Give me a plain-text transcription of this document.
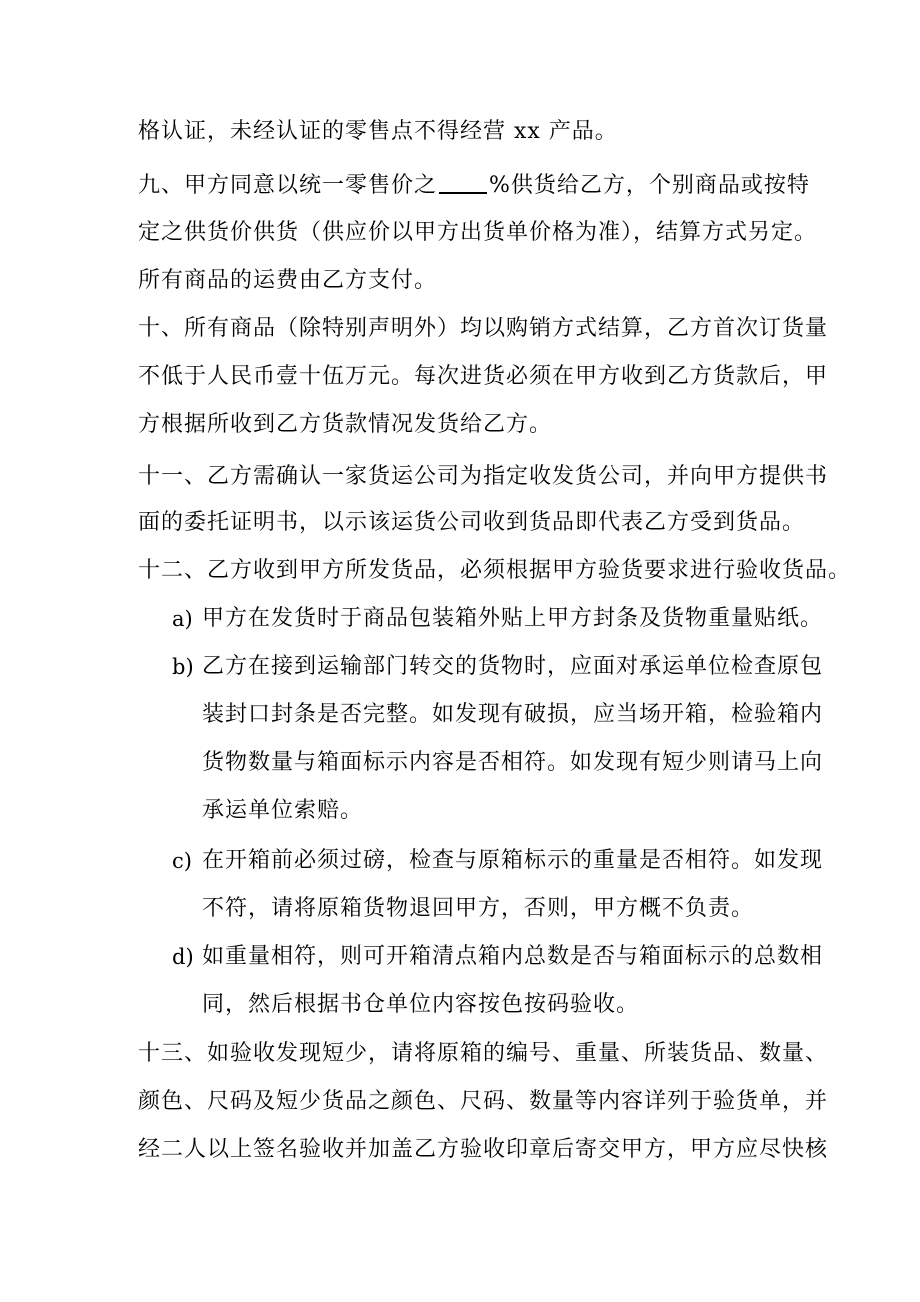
格认证，未经认证的零售点不得经营 xx 产品。
九、甲方同意以统一零售价之 %供货给乙方，个别商品或按特
定之供货价供货（供应价以甲方出货单价格为准），结算方式另定。
所有商品的运费由乙方支付。
十、所有商品（除特别声明外）均以购销方式结算，乙方首次订货量
不低于人民币壹十伍万元。每次进货必须在甲方收到乙方货款后，甲
方根据所收到乙方货款情况发货给乙方。
十一、乙方需确认一家货运公司为指定收发货公司，并向甲方提供书
面的委托证明书，以示该运货公司收到货品即代表乙方受到货品。
十二、乙方收到甲方所发货品，必须根据甲方验货要求进行验收货品。
a) 甲方在发货时于商品包装箱外贴上甲方封条及货物重量贴纸。
b) 乙方在接到运输部门转交的货物时，应面对承运单位检查原包
装封口封条是否完整。如发现有破损，应当场开箱，检验箱内
货物数量与箱面标示内容是否相符。如发现有短少则请马上向
承运单位索赔。
c) 在开箱前必须过磅，检查与原箱标示的重量是否相符。如发现
不符，请将原箱货物退回甲方，否则，甲方概不负责。
d) 如重量相符，则可开箱清点箱内总数是否与箱面标示的总数相
同，然后根据书仓单位内容按色按码验收。
十三、如验收发现短少，请将原箱的编号、重量、所装货品、数量、
颜色、尺码及短少货品之颜色、尺码、数量等内容详列于验货单，并
经二人以上签名验收并加盖乙方验收印章后寄交甲方，甲方应尽快核
